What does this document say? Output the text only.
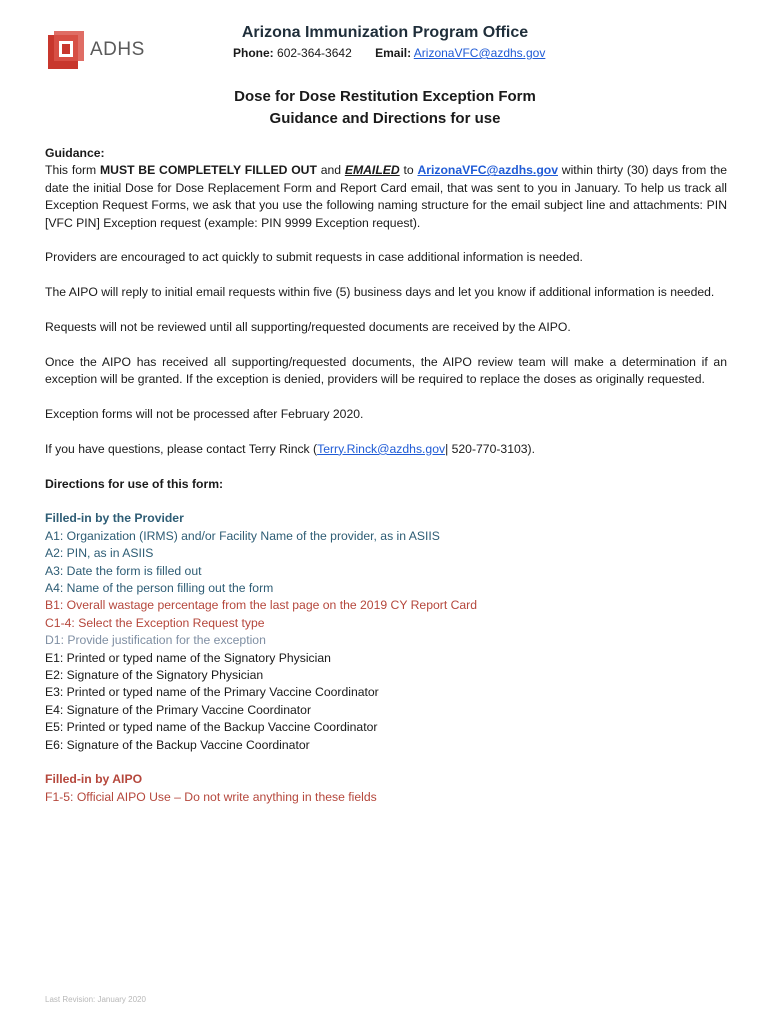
ADHS
Arizona Immunization Program Office
Phone: 602-364-3642 Email: ArizonaVFC@azdhs.gov
Dose for Dose Restitution Exception Form
Guidance and Directions for use
Guidance:

This form MUST BE COMPLETELY FILLED OUT and EMAILED to ArizonaVFC@azdhs.gov within thirty (30) days from the date the initial Dose for Dose Replacement Form and Report Card email, that was sent to you in January. To help us track all Exception Request Forms, we ask that you use the following naming structure for the email subject line and attachments: PIN [VFC PIN] Exception request (example: PIN 9999 Exception request).

Providers are encouraged to act quickly to submit requests in case additional information is needed.

The AIPO will reply to initial email requests within five (5) business days and let you know if additional information is needed.

Requests will not be reviewed until all supporting/requested documents are received by the AIPO.

Once the AIPO has received all supporting/requested documents, the AIPO review team will make a determination if an exception will be granted. If the exception is denied, providers will be required to replace the doses as originally requested.

Exception forms will not be processed after February 2020.

If you have questions, please contact Terry Rinck (Terry.Rinck@azdhs.gov| 520-770-3103).

Directions for use of this form:

Filled-in by the Provider
A1: Organization (IRMS) and/or Facility Name of the provider, as in ASIIS
A2: PIN, as in ASIIS
A3: Date the form is filled out
A4: Name of the person filling out the form
B1: Overall wastage percentage from the last page on the 2019 CY Report Card
C1-4: Select the Exception Request type
D1: Provide justification for the exception
E1: Printed or typed name of the Signatory Physician
E2: Signature of the Signatory Physician
E3: Printed or typed name of the Primary Vaccine Coordinator
E4: Signature of the Primary Vaccine Coordinator
E5: Printed or typed name of the Backup Vaccine Coordinator
E6: Signature of the Backup Vaccine Coordinator
Filled-in by AIPO
F1-5: Official AIPO Use – Do not write anything in these fields
Last Revision: January 2020
